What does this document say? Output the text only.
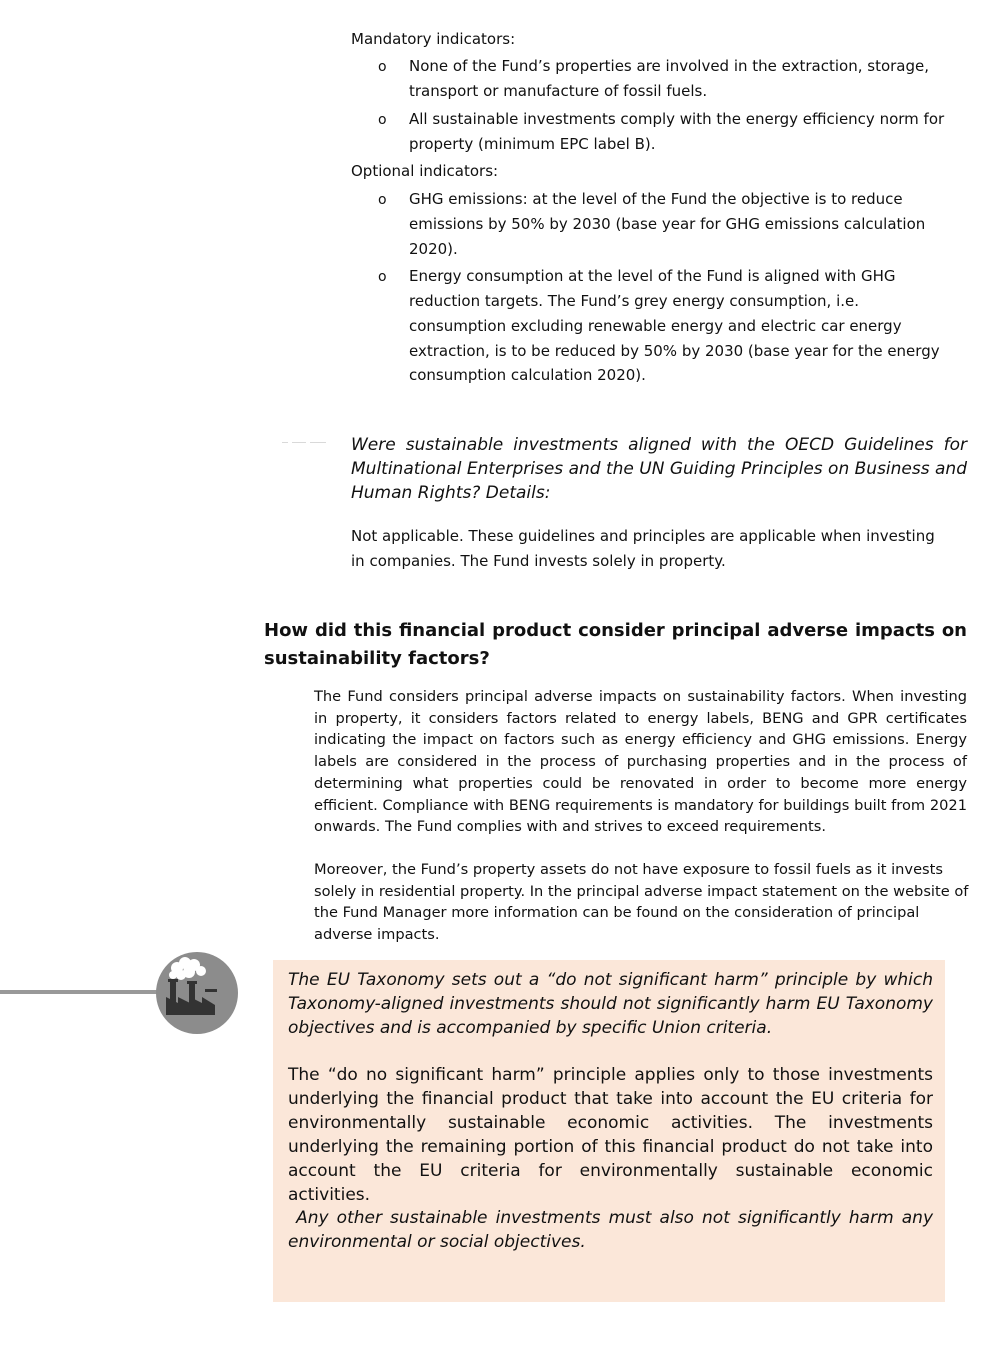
Mandatory indicators:
o None of the Fund’s properties are involved in the extraction, storage,
transport or manufacture of fossil fuels.
o All sustainable investments comply with the energy efficiency norm for
property (minimum EPC label B).
Optional indicators:
o GHG emissions: at the level of the Fund the objective is to reduce
emissions by 50% by 2030 (base year for GHG emissions calculation
2020).
o Energy consumption at the level of the Fund is aligned with GHG
reduction targets. The Fund’s grey energy consumption, i.e.
consumption excluding renewable energy and electric car energy
extraction, is to be reduced by 50% by 2030 (base year for the energy
consumption calculation 2020).
Were sustainable investments aligned with the OECD Guidelines for Multinational Enterprises and the UN Guiding Principles on Business and Human Rights? Details:
Not applicable. These guidelines and principles are applicable when investing
in companies. The Fund invests solely in property.
How did this financial product consider principal adverse impacts on sustainability factors?
The Fund considers principal adverse impacts on sustainability factors. When investing in property, it considers factors related to energy labels, BENG and GPR certificates indicating the impact on factors such as energy efficiency and GHG emissions. Energy labels are considered in the process of purchasing properties and in the process of determining what properties could be renovated in order to become more energy efficient. Compliance with BENG requirements is mandatory for buildings built from 2021 onwards. The Fund complies with and strives to exceed requirements.
Moreover, the Fund’s property assets do not have exposure to fossil fuels as it invests
solely in residential property. In the principal adverse impact statement on the website of
the Fund Manager more information can be found on the consideration of principal
adverse impacts.
The EU Taxonomy sets out a “do not significant harm” principle by which Taxonomy-aligned investments should not significantly harm EU Taxonomy objectives and is accompanied by specific Union criteria.
The “do no significant harm” principle applies only to those investments underlying the financial product that take into account the EU criteria for environmentally sustainable economic activities. The investments underlying the remaining portion of this financial product do not take into account the EU criteria for environmentally sustainable economic activities.
Any other sustainable investments must also not significantly harm any environmental or social objectives.
